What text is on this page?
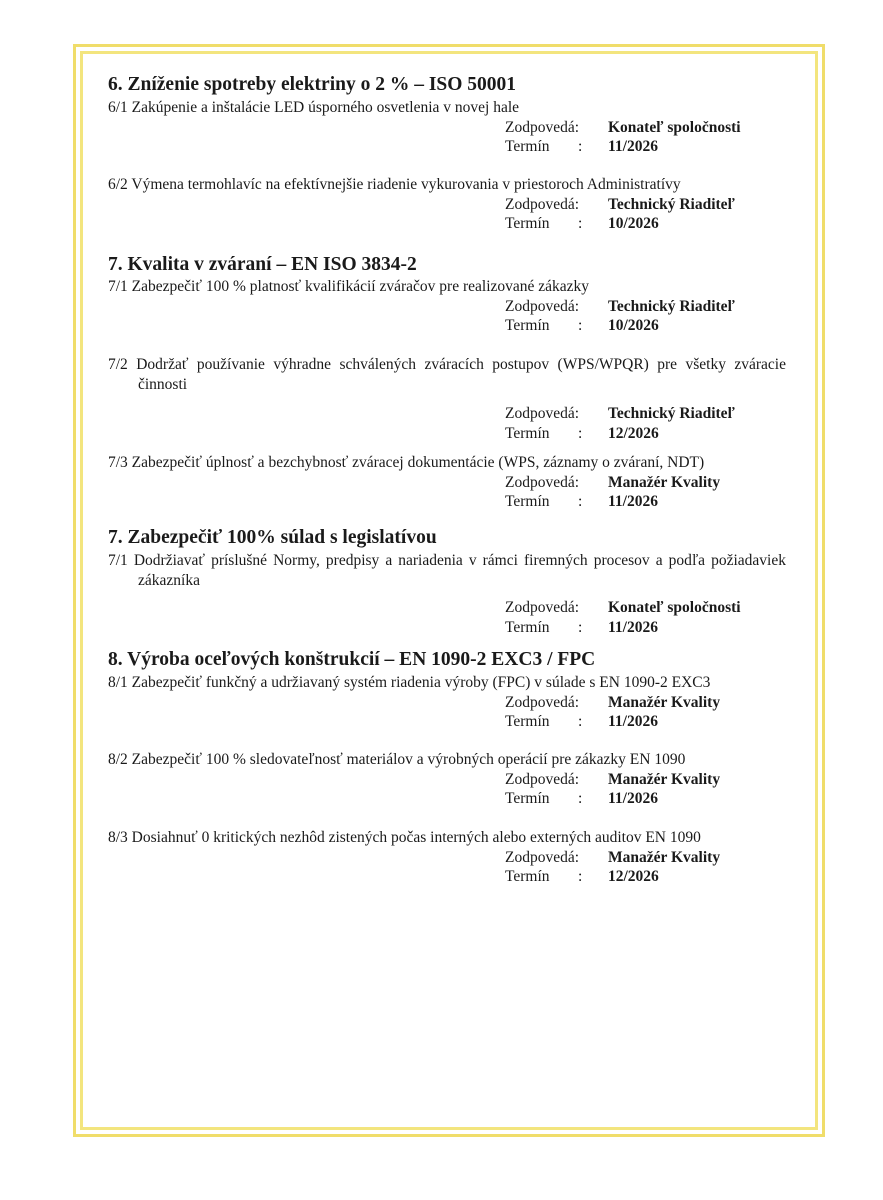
6. Zníženie spotreby elektriny o 2 % – ISO 50001

6/1 Zakúpenie a inštalácie LED úsporného osvetlenia v novej hale

Zodpovedá: Konateľ spoločnosti
Termín : 11/2026

6/2 Výmena termohlavíc na efektívnejšie riadenie vykurovania v priestoroch Administratívy

Zodpovedá: Technický Riaditeľ
Termín : 10/2026
7. Kvalita v zváraní – EN ISO 3834-2

7/1 Zabezpečiť 100 % platnosť kvalifikácií zváračov pre realizované zákazky

Zodpovedá: Technický Riaditeľ
Termín : 10/2026

7/2 Dodržať používanie výhradne schválených zváracích postupov (WPS/WPQR) pre všetky zváracie činnosti

Zodpovedá: Technický Riaditeľ
Termín : 12/2026

7/3 Zabezpečiť úplnosť a bezchybnosť zváracej dokumentácie (WPS, záznamy o zváraní, NDT)

Zodpovedá: Manažér Kvality
Termín : 11/2026
7. Zabezpečiť 100% súlad s legislatívou

7/1 Dodržiavať príslušné Normy, predpisy a nariadenia v rámci firemných procesov a podľa požiadaviek zákazníka

Zodpovedá: Konateľ spoločnosti
Termín : 11/2026
8. Výroba oceľových konštrukcií – EN 1090-2 EXC3 / FPC

8/1 Zabezpečiť funkčný a udržiavaný systém riadenia výroby (FPC) v súlade s EN 1090-2 EXC3

Zodpovedá: Manažér Kvality
Termín : 11/2026

8/2 Zabezpečiť 100 % sledovateľnosť materiálov a výrobných operácií pre zákazky EN 1090

Zodpovedá: Manažér Kvality
Termín : 11/2026

8/3 Dosiahnuť 0 kritických nezhôd zistených počas interných alebo externých auditov EN 1090

Zodpovedá: Manažér Kvality
Termín : 12/2026
